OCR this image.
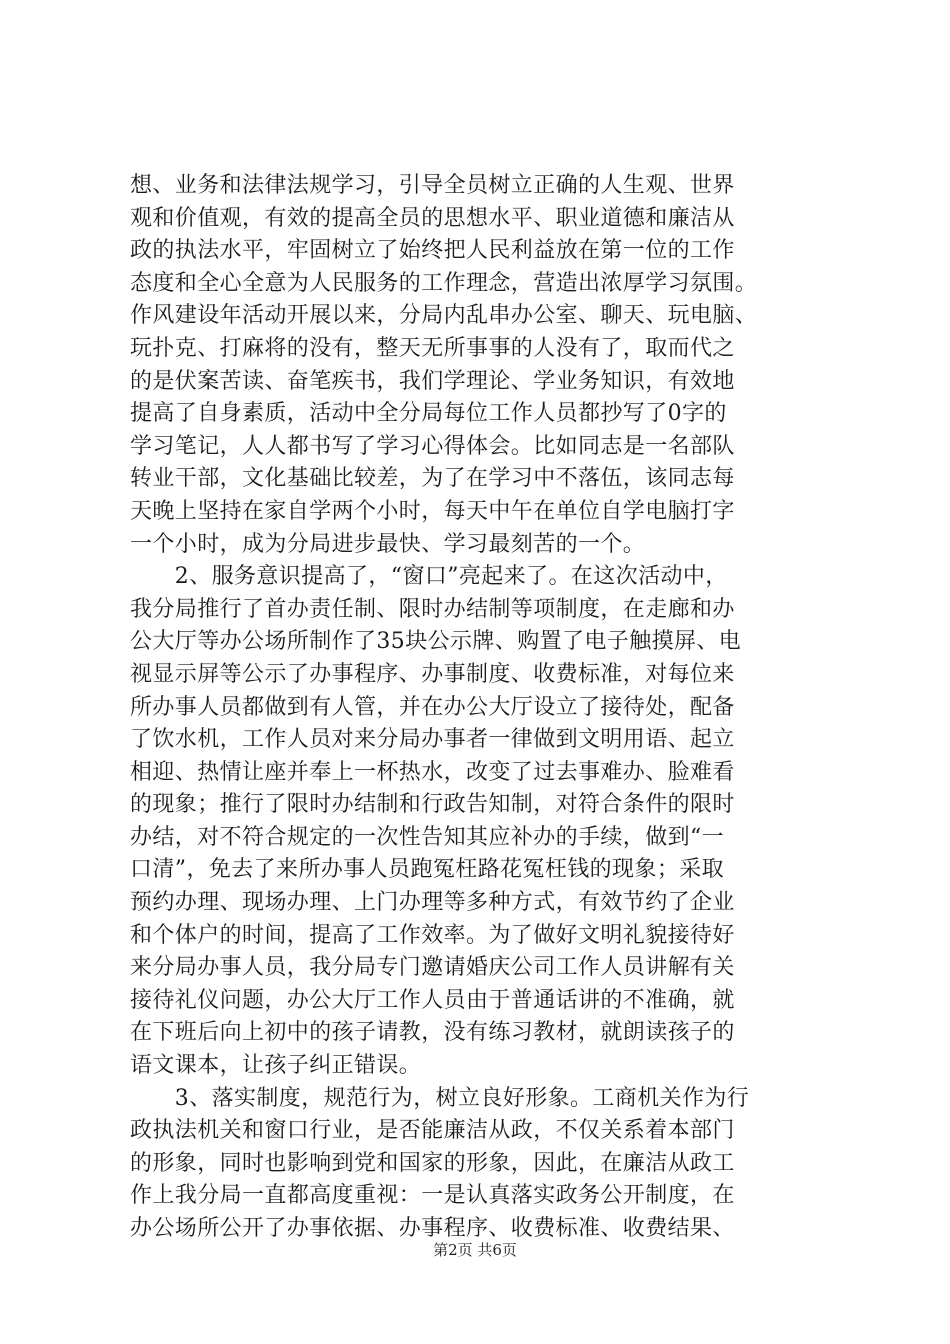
想、业务和法律法规学习，引导全员树立正确的人生观、世界
观和价值观，有效的提高全员的思想水平、职业道德和廉洁从
政的执法水平，牢固树立了始终把人民利益放在第一位的工作
态度和全心全意为人民服务的工作理念，营造出浓厚学习氛围。
作风建设年活动开展以来，分局内乱串办公室、聊天、玩电脑、
玩扑克、打麻将的没有，整天无所事事的人没有了，取而代之
的是伏案苦读、奋笔疾书，我们学理论、学业务知识，有效地
提高了自身素质，活动中全分局每位工作人员都抄写了0字的
学习笔记，人人都书写了学习心得体会。比如同志是一名部队
转业干部，文化基础比较差，为了在学习中不落伍，该同志每
天晚上坚持在家自学两个小时，每天中午在单位自学电脑打字
一个小时，成为分局进步最快、学习最刻苦的一个。
　　2、服务意识提高了，“窗口”亮起来了。在这次活动中，
我分局推行了首办责任制、限时办结制等项制度，在走廊和办
公大厅等办公场所制作了35块公示牌、购置了电子触摸屏、电
视显示屏等公示了办事程序、办事制度、收费标准，对每位来
所办事人员都做到有人管，并在办公大厅设立了接待处，配备
了饮水机，工作人员对来分局办事者一律做到文明用语、起立
相迎、热情让座并奉上一杯热水，改变了过去事难办、脸难看
的现象；推行了限时办结制和行政告知制，对符合条件的限时
办结，对不符合规定的一次性告知其应补办的手续，做到“一
口清”，免去了来所办事人员跑冤枉路花冤枉钱的现象；采取
预约办理、现场办理、上门办理等多种方式，有效节约了企业
和个体户的时间，提高了工作效率。为了做好文明礼貌接待好
来分局办事人员，我分局专门邀请婚庆公司工作人员讲解有关
接待礼仪问题，办公大厅工作人员由于普通话讲的不准确，就
在下班后向上初中的孩子请教，没有练习教材，就朗读孩子的
语文课本，让孩子纠正错误。
　　3、落实制度，规范行为，树立良好形象。工商机关作为行
政执法机关和窗口行业，是否能廉洁从政，不仅关系着本部门
的形象，同时也影响到党和国家的形象，因此，在廉洁从政工
作上我分局一直都高度重视：一是认真落实政务公开制度，在
办公场所公开了办事依据、办事程序、收费标准、收费结果、
第2页 共6页
